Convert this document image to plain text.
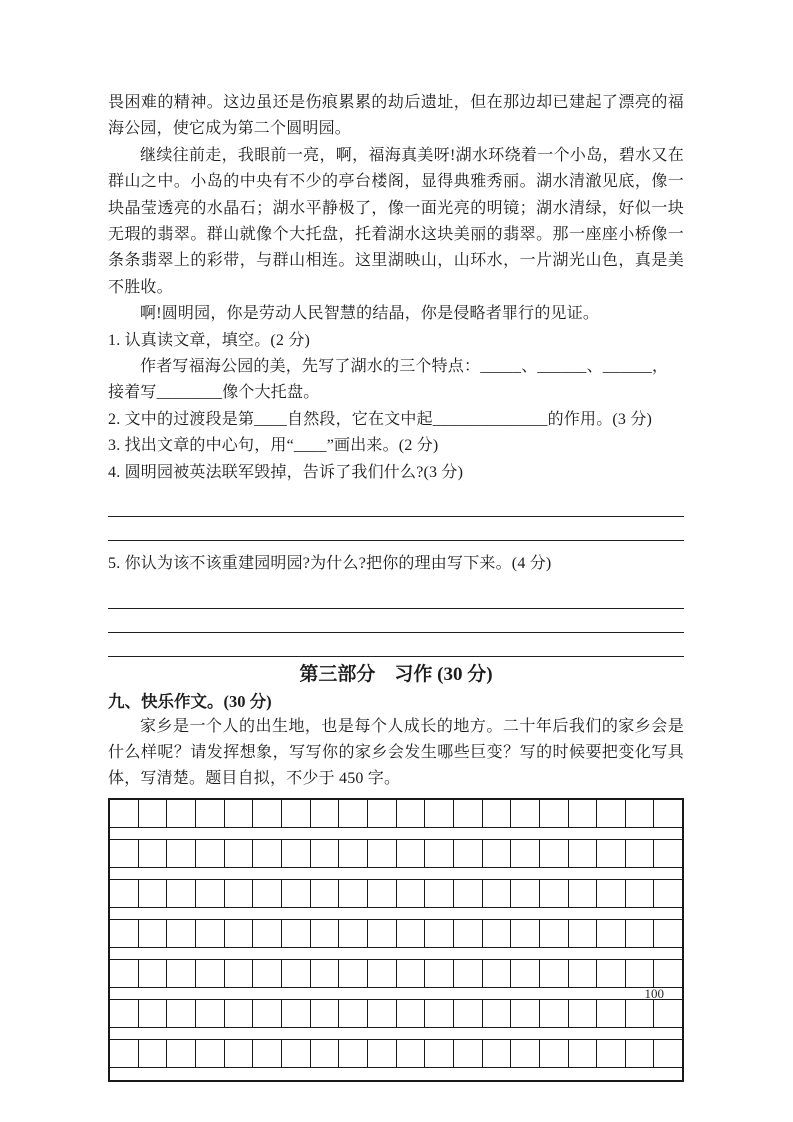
畏困难的精神。这边虽还是伤痕累累的劫后遗址，但在那边却已建起了漂亮的福海公园，使它成为第二个圆明园。

继续往前走，我眼前一亮，啊，福海真美呀!湖水环绕着一个小岛，碧水又在群山之中。小岛的中央有不少的亭台楼阁，显得典雅秀丽。湖水清澈见底，像一块晶莹透亮的水晶石；湖水平静极了，像一面光亮的明镜；湖水清绿，好似一块无瑕的翡翠。群山就像个大托盘，托着湖水这块美丽的翡翠。那一座座小桥像一条条翡翠上的彩带，与群山相连。这里湖映山，山环水，一片湖光山色，真是美不胜收。

啊!圆明园，你是劳动人民智慧的结晶，你是侵略者罪行的见证。

1. 认真读文章，填空。(2 分)

作者写福海公园的美，先写了湖水的三个特点：_____、______、______，

接着写________像个大托盘。

2. 文中的过渡段是第____自然段，它在文中起______________的作用。(3 分)

3. 找出文章的中心句，用“____”画出来。(2 分)

4. 圆明园被英法联军毁掉，告诉了我们什么?(3 分)

5. 你认为该不该重建园明园?为什么?把你的理由写下来。(4 分)

第三部分　习作 (30 分)
九、快乐作文。(30 分)

家乡是一个人的出生地，也是每个人成长的地方。二十年后我们的家乡会是什么样呢？请发挥想象，写写你的家乡会发生哪些巨变？写的时候要把变化写具体，写清楚。题目自拟，不少于 450 字。

100
